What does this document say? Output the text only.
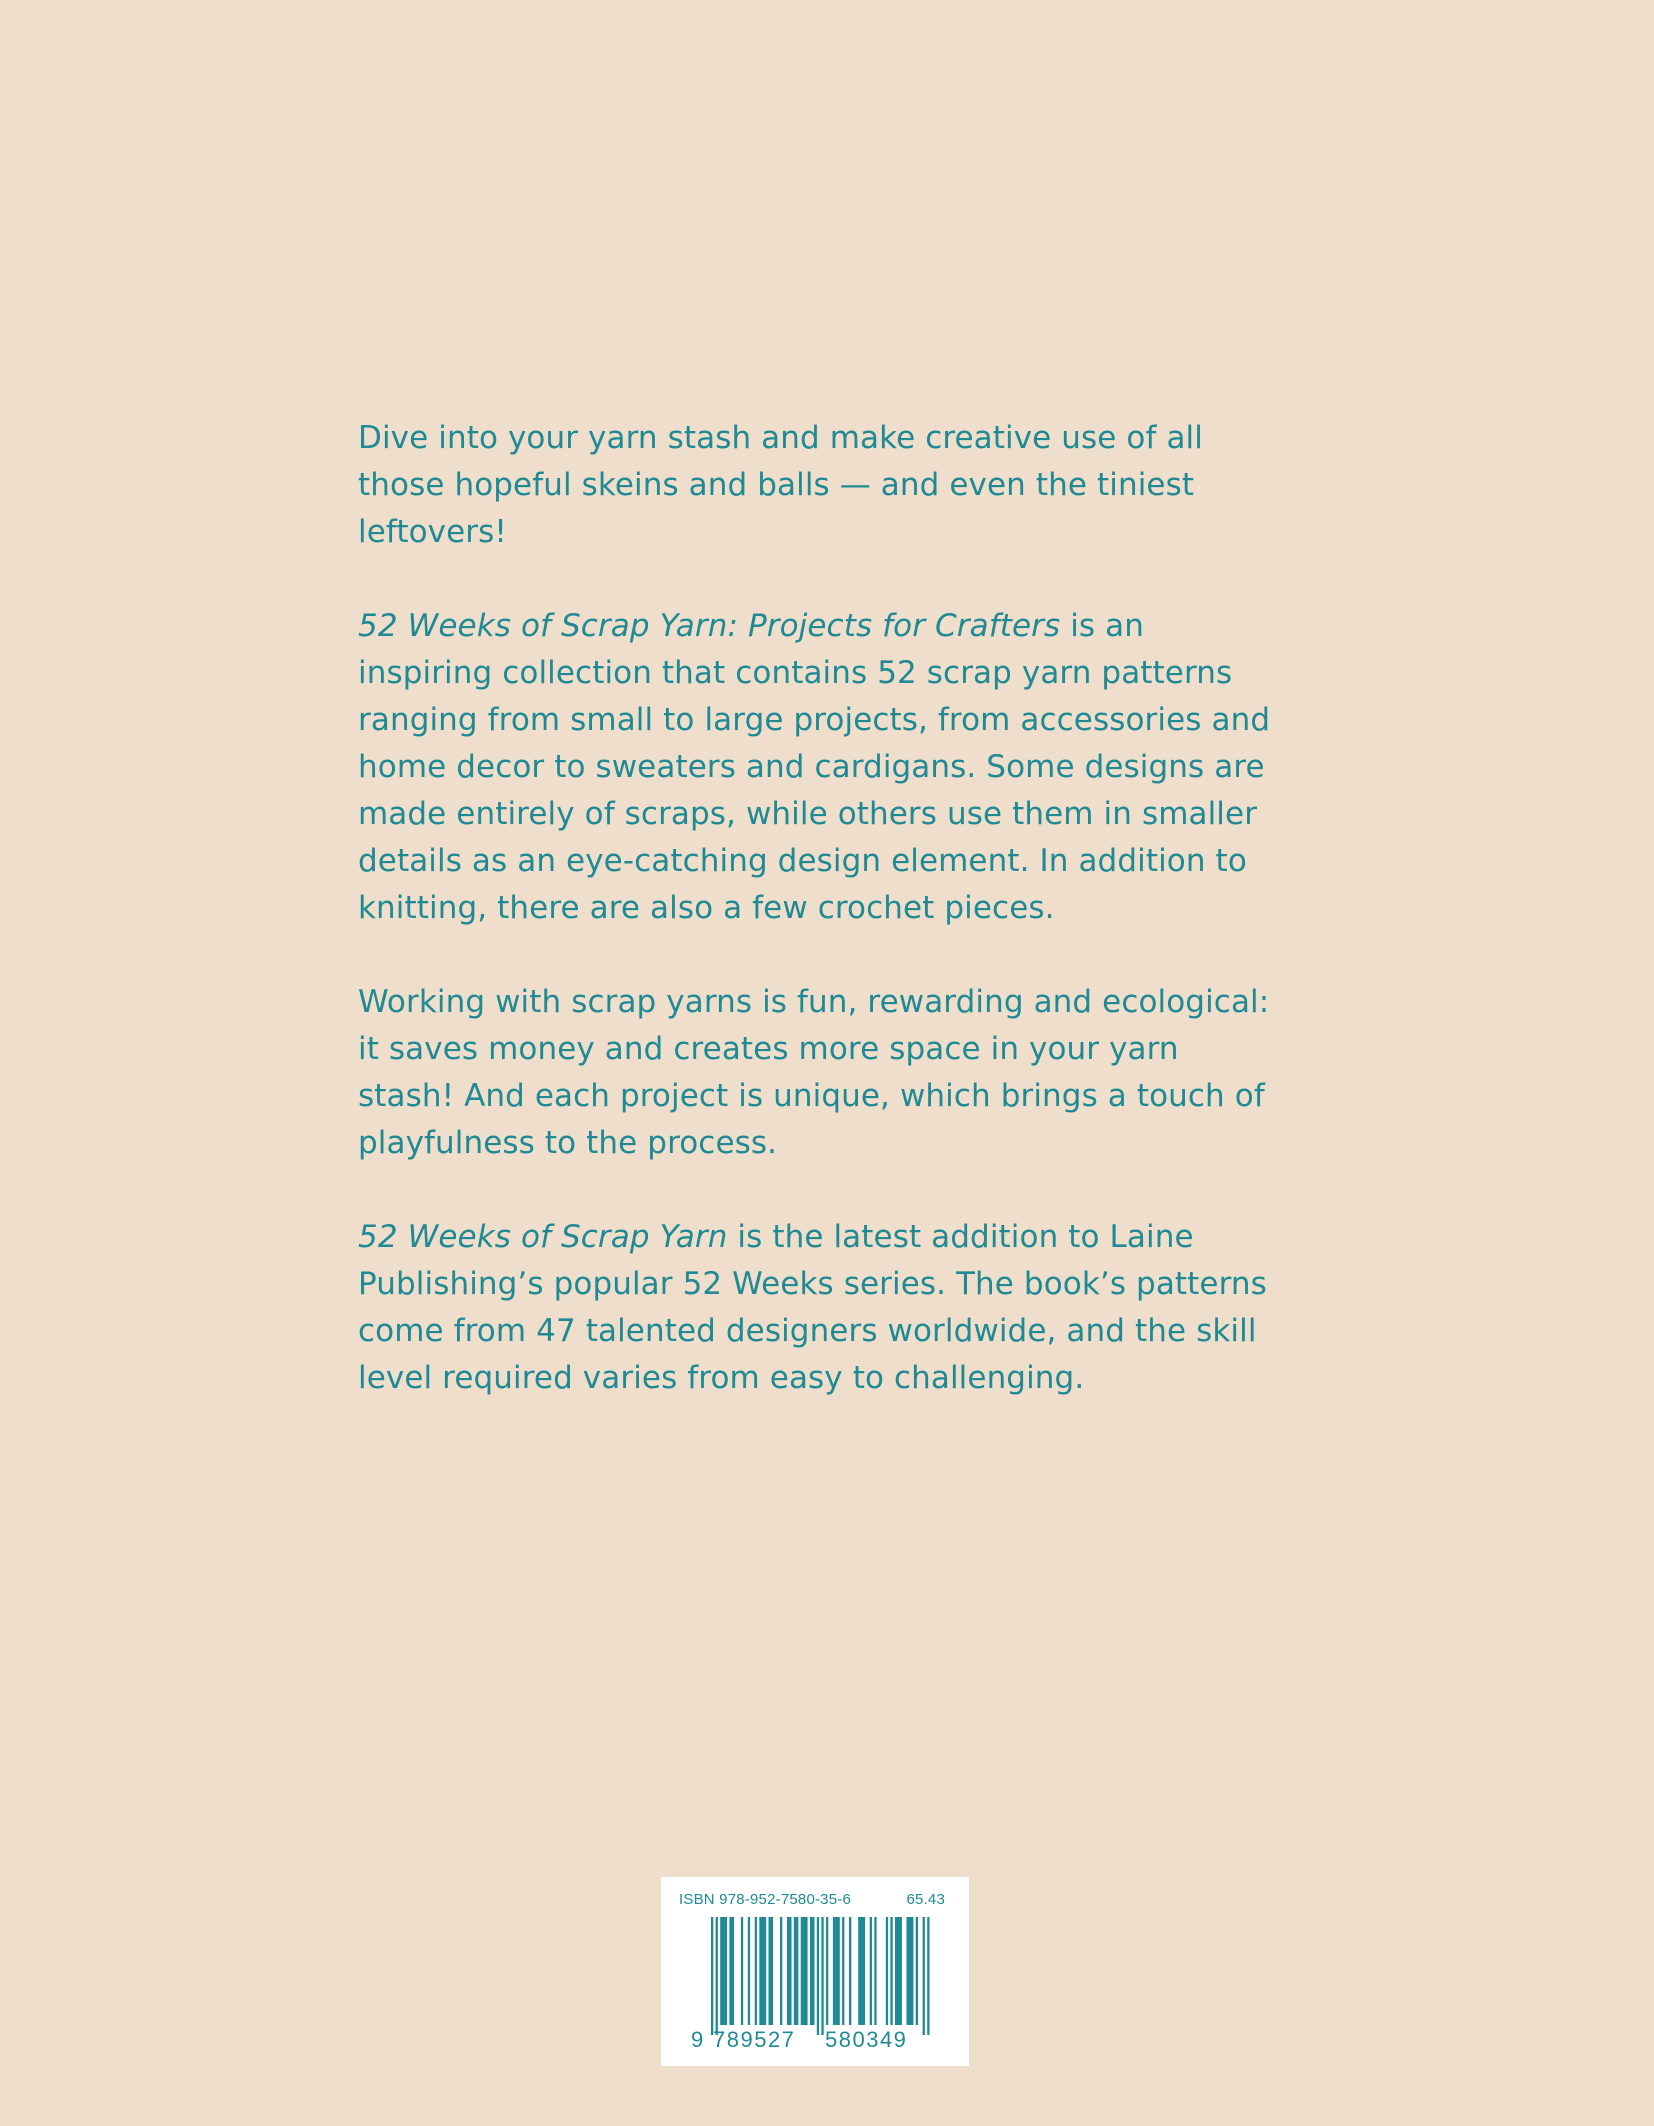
Dive into your yarn stash and make creative use of all those hopeful skeins and balls — and even the tiniest leftovers!

52 Weeks of Scrap Yarn: Projects for Crafters is an inspiring collection that contains 52 scrap yarn patterns ranging from small to large projects, from accessories and home decor to sweaters and cardigans. Some designs are made entirely of scraps, while others use them in smaller details as an eye-catching design element. In addition to knitting, there are also a few crochet pieces.

Working with scrap yarns is fun, rewarding and ecological: it saves money and creates more space in your yarn stash! And each project is unique, which brings a touch of playfulness to the process.

52 Weeks of Scrap Yarn is the latest addition to Laine Publishing’s popular 52 Weeks series. The book’s patterns come from 47 talented designers worldwide, and the skill level required varies from easy to challenging.

ISBN 978-952-7580-35-6	65.43
9 789527 580349
